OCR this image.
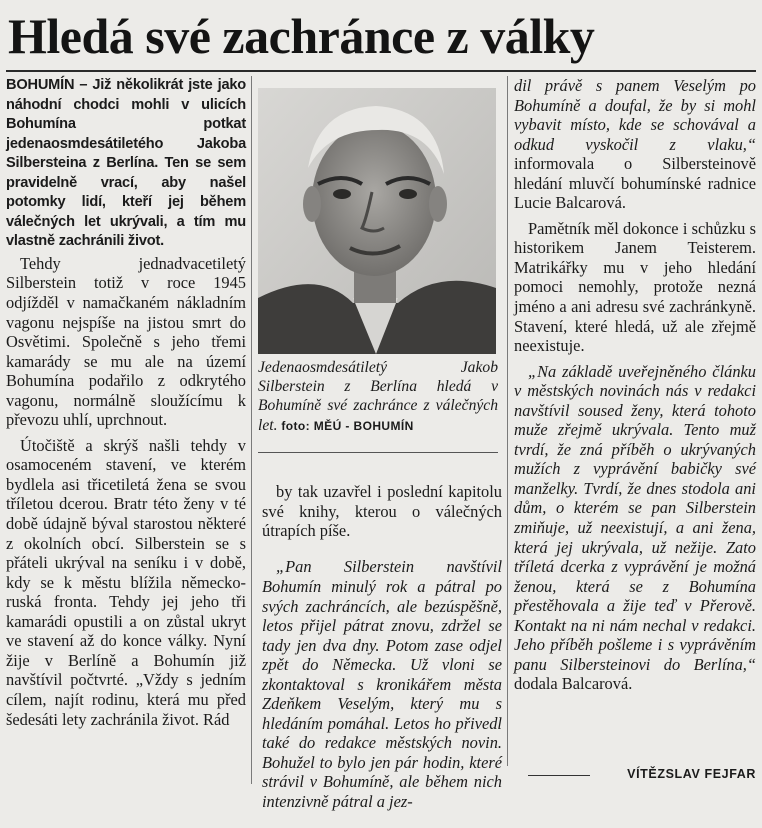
Hledá své zachránce z války

BOHUMÍN – Již několikrát jste jako náhodní chodci mohli v ulicích Bohumína potkat jedenaosmdesátiletého Jakoba Silbersteina z Berlína. Ten se sem pravidelně vrací, aby našel potomky lidí, kteří jej během válečných let ukrývali, a tím mu vlastně zachránili život.

Tehdy jednadvacetiletý Silberstein totiž v roce 1945 odjížděl v namačkaném nákladním vagonu nejspíše na jistou smrt do Osvětimi. Společně s jeho třemi kamarády se mu ale na území Bohumína podařilo z odkrytého vagonu, normálně sloužícímu k převozu uhlí, uprchnout.

Útočiště a skrýš našli tehdy v osamoceném stavení, ve kterém bydlela asi třicetiletá žena se svou tříletou dcerou. Bratr této ženy v té době údajně býval starostou některé z okolních obcí. Silberstein se s přáteli ukrýval na seníku i v době, kdy se k městu blížila německo-ruská fronta. Tehdy jej jeho tři kamarádi opustili a on zůstal ukryt ve stavení až do konce války. Nyní žije v Berlíně a Bohumín již navštívil počtvrté. „Vždy s jedním cílem, najít rodinu, která mu před šedesáti lety zachránila život. Rád

Jedenaosmdesátiletý Jakob Silberstein z Berlína hledá v Bohumíně své zachránce z válečných let. foto: MĚÚ - BOHUMÍN

by tak uzavřel i poslední kapitolu své knihy, kterou o válečných útrapích píše.

„Pan Silberstein navštívil Bohumín minulý rok a pátral po svých zachráncích, ale bezúspěšně, letos přijel pátrat znovu, zdržel se tady jen dva dny. Potom zase odjel zpět do Německa. Už vloni se zkontaktoval s kronikářem města Zdeňkem Veselým, který mu s hledáním pomáhal. Letos ho přivedl také do redakce městských novin. Bohužel to bylo jen pár hodin, které strávil v Bohumíně, ale během nich intenzivně pátral a jez-

dil právě s panem Veselým po Bohumíně a doufal, že by si mohl vybavit místo, kde se schovával a odkud vyskočil z vlaku,“ informovala o Silbersteinově hledání mluvčí bohumínské radnice Lucie Balcarová.

Pamětník měl dokonce i schůzku s historikem Janem Teisterem. Matrikářky mu v jeho hledání pomoci nemohly, protože nezná jméno a ani adresu své zachránkyně. Stavení, které hledá, už ale zřejmě neexistuje.

„Na základě uveřejněného článku v městských novinách nás v redakci navštívil soused ženy, která tohoto muže zřejmě ukrývala. Tento muž tvrdí, že zná příběh o ukrývaných mužích z vyprávění babičky své manželky. Tvrdí, že dnes stodola ani dům, o kterém se pan Silberstein zmiňuje, už neexistují, a ani žena, která jej ukrývala, už nežije. Zato tříletá dcerka z vyprávění je možná ženou, která se z Bohumína přestěhovala a žije teď v Přerově. Kontakt na ni nám nechal v redakci. Jeho příběh pošleme i s vyprávěním panu Silbersteinovi do Berlína,“ dodala Balcarová.

VÍTĚZSLAV FEJFAR
